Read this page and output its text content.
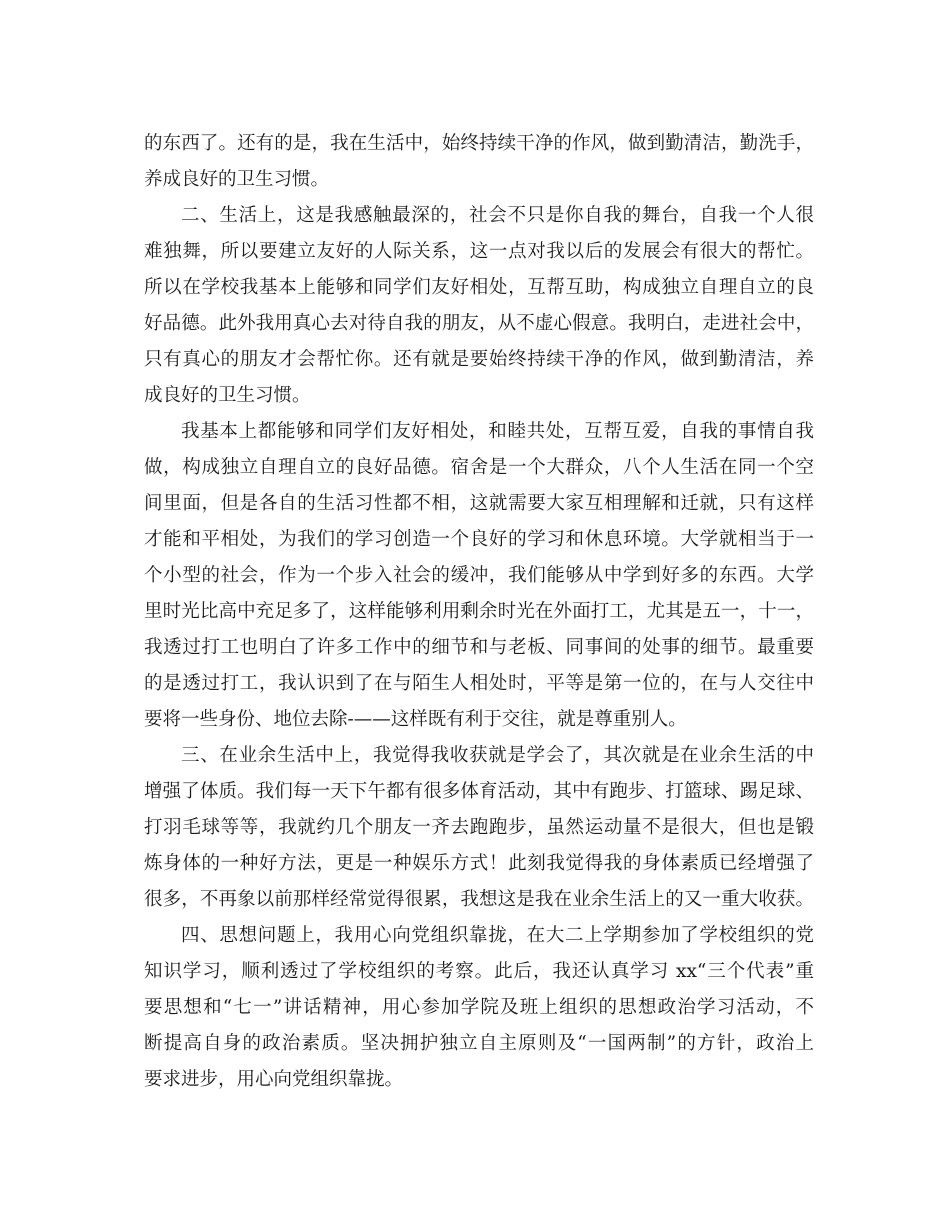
的东西了。还有的是，我在生活中，始终持续干净的作风，做到勤清洁，勤洗手，
养成良好的卫生习惯。
二、生活上，这是我感触最深的，社会不只是你自我的舞台，自我一个人很
难独舞，所以要建立友好的人际关系，这一点对我以后的发展会有很大的帮忙。
所以在学校我基本上能够和同学们友好相处，互帮互助，构成独立自理自立的良
好品德。此外我用真心去对待自我的朋友，从不虚心假意。我明白，走进社会中，
只有真心的朋友才会帮忙你。还有就是要始终持续干净的作风，做到勤清洁，养
成良好的卫生习惯。
我基本上都能够和同学们友好相处，和睦共处，互帮互爱，自我的事情自我
做，构成独立自理自立的良好品德。宿舍是一个大群众，八个人生活在同一个空
间里面，但是各自的生活习性都不相，这就需要大家互相理解和迁就，只有这样
才能和平相处，为我们的学习创造一个良好的学习和休息环境。大学就相当于一
个小型的社会，作为一个步入社会的缓冲，我们能够从中学到好多的东西。大学
里时光比高中充足多了，这样能够利用剩余时光在外面打工，尤其是五一，十一，
我透过打工也明白了许多工作中的细节和与老板、同事间的处事的细节。最重要
的是透过打工，我认识到了在与陌生人相处时，平等是第一位的，在与人交往中
要将一些身份、地位去除-——这样既有利于交往，就是尊重别人。
三、在业余生活中上，我觉得我收获就是学会了，其次就是在业余生活的中
增强了体质。我们每一天下午都有很多体育活动，其中有跑步、打篮球、踢足球、
打羽毛球等等，我就约几个朋友一齐去跑跑步，虽然运动量不是很大，但也是锻
炼身体的一种好方法，更是一种娱乐方式！此刻我觉得我的身体素质已经增强了
很多，不再象以前那样经常觉得很累，我想这是我在业余生活上的又一重大收获。
四、思想问题上，我用心向党组织靠拢，在大二上学期参加了学校组织的党
知识学习，顺利透过了学校组织的考察。此后，我还认真学习 xx“三个代表”重
要思想和“七一”讲话精神，用心参加学院及班上组织的思想政治学习活动，不
断提高自身的政治素质。坚决拥护独立自主原则及“一国两制”的方针，政治上
要求进步，用心向党组织靠拢。
